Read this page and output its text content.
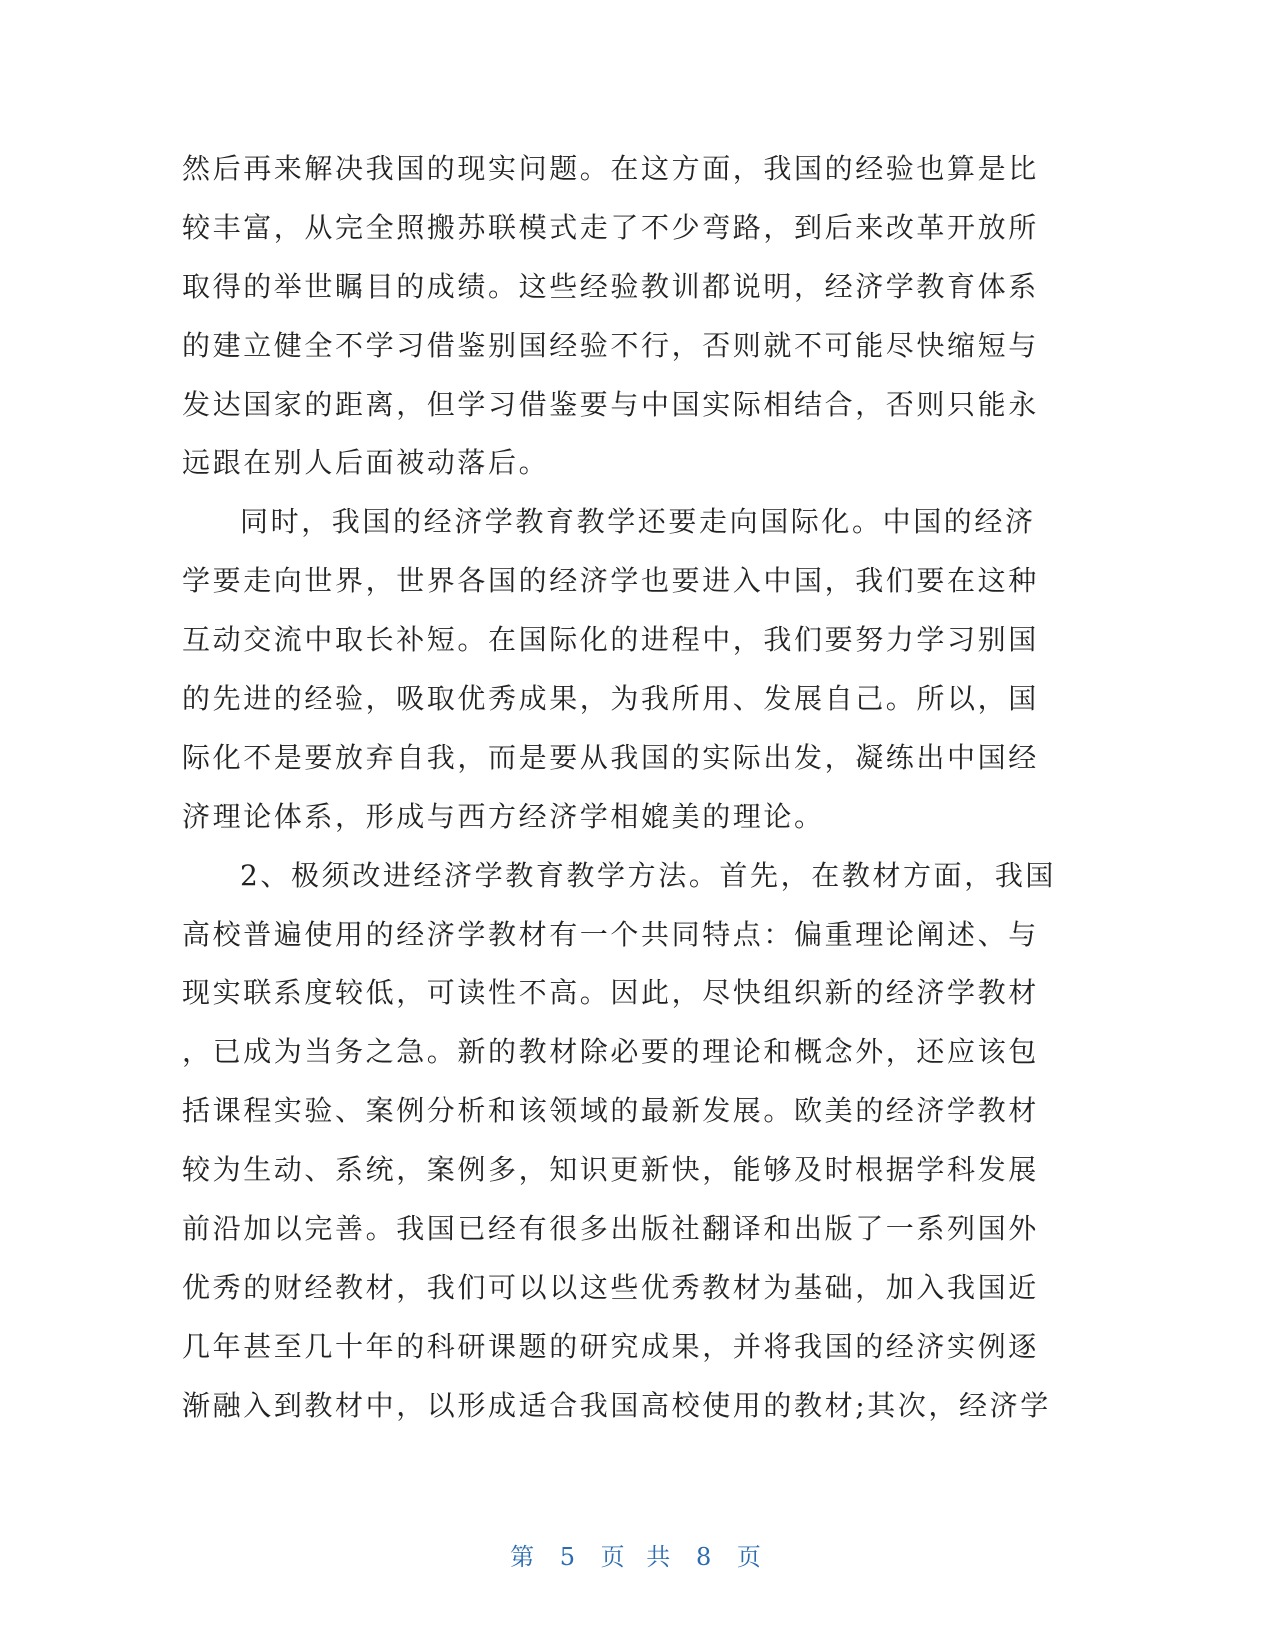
然后再来解决我国的现实问题。在这方面，我国的经验也算是比
较丰富，从完全照搬苏联模式走了不少弯路，到后来改革开放所
取得的举世瞩目的成绩。这些经验教训都说明，经济学教育体系
的建立健全不学习借鉴别国经验不行，否则就不可能尽快缩短与
发达国家的距离，但学习借鉴要与中国实际相结合，否则只能永
远跟在别人后面被动落后。
同时，我国的经济学教育教学还要走向国际化。中国的经济
学要走向世界，世界各国的经济学也要进入中国，我们要在这种
互动交流中取长补短。在国际化的进程中，我们要努力学习别国
的先进的经验，吸取优秀成果，为我所用、发展自己。所以，国
际化不是要放弃自我，而是要从我国的实际出发，凝练出中国经
济理论体系，形成与西方经济学相媲美的理论。
2、极须改进经济学教育教学方法。首先，在教材方面，我国
高校普遍使用的经济学教材有一个共同特点：偏重理论阐述、与
现实联系度较低，可读性不高。因此，尽快组织新的经济学教材
，已成为当务之急。新的教材除必要的理论和概念外，还应该包
括课程实验、案例分析和该领域的最新发展。欧美的经济学教材
较为生动、系统，案例多，知识更新快，能够及时根据学科发展
前沿加以完善。我国已经有很多出版社翻译和出版了一系列国外
优秀的财经教材，我们可以以这些优秀教材为基础，加入我国近
几年甚至几十年的科研课题的研究成果，并将我国的经济实例逐
渐融入到教材中，以形成适合我国高校使用的教材;其次，经济学
第 5 页 共 8 页
